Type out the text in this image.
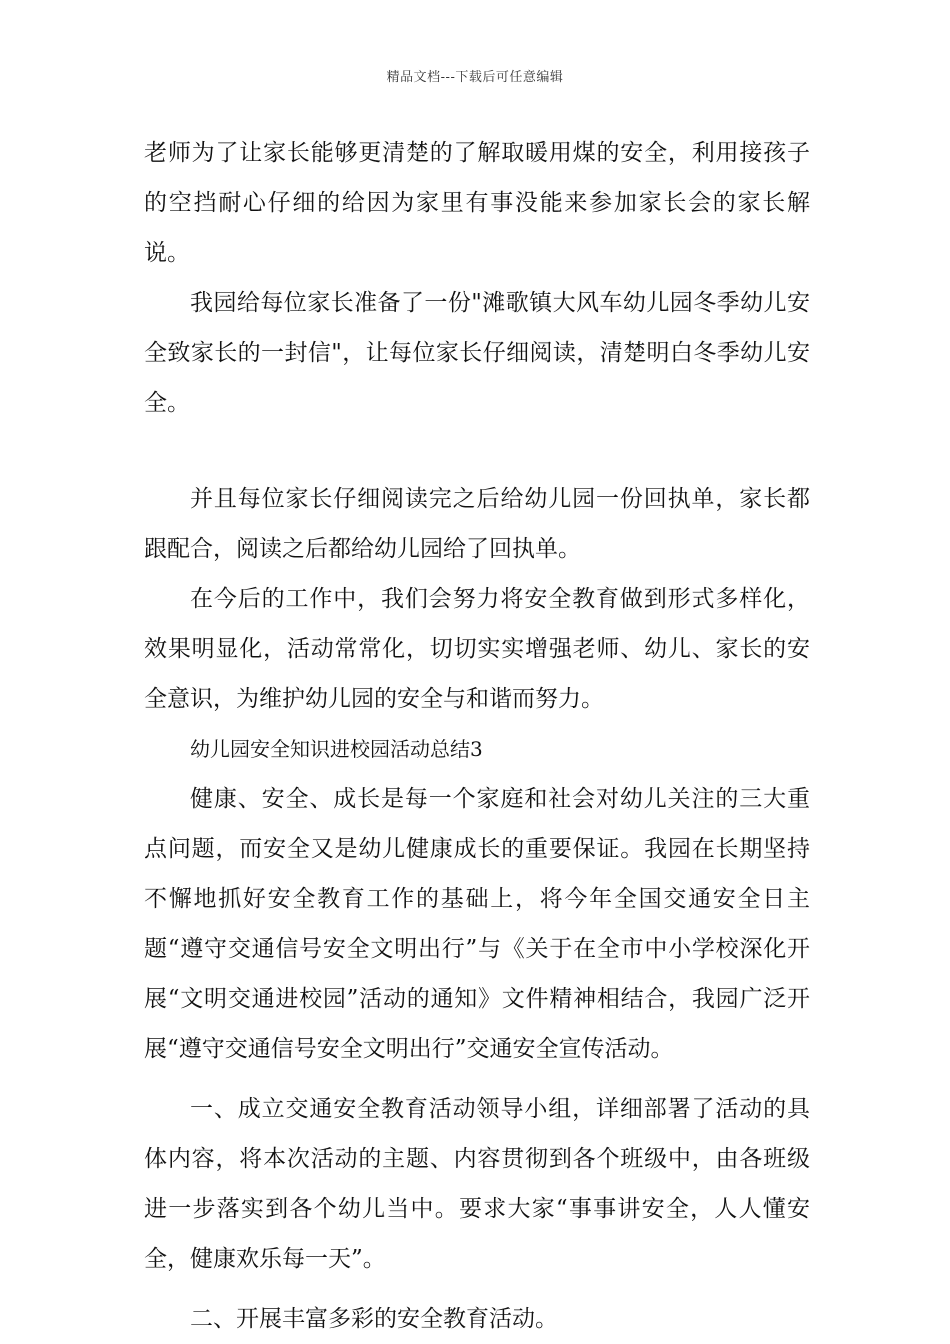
精品文档---下载后可任意编辑

老师为了让家长能够更清楚的了解取暖用煤的安全，利用接孩子的空挡耐心仔细的给因为家里有事没能来参加家长会的家长解说。

我园给每位家长准备了一份"滩歌镇大风车幼儿园冬季幼儿安全致家长的一封信"，让每位家长仔细阅读，清楚明白冬季幼儿安全。

并且每位家长仔细阅读完之后给幼儿园一份回执单，家长都跟配合，阅读之后都给幼儿园给了回执单。

在今后的工作中，我们会努力将安全教育做到形式多样化，效果明显化，活动常常化，切切实实增强老师、幼儿、家长的安全意识，为维护幼儿园的安全与和谐而努力。

幼儿园安全知识进校园活动总结3

健康、安全、成长是每一个家庭和社会对幼儿关注的三大重点问题，而安全又是幼儿健康成长的重要保证。我园在长期坚持不懈地抓好安全教育工作的基础上，将今年全国交通安全日主题“遵守交通信号安全文明出行”与《关于在全市中小学校深化开展“文明交通进校园”活动的通知》文件精神相结合，我园广泛开展“遵守交通信号安全文明出行”交通安全宣传活动。

一、成立交通安全教育活动领导小组，详细部署了活动的具体内容，将本次活动的主题、内容贯彻到各个班级中，由各班级进一步落实到各个幼儿当中。要求大家“事事讲安全，人人懂安全，健康欢乐每一天”。

二、开展丰富多彩的安全教育活动。
